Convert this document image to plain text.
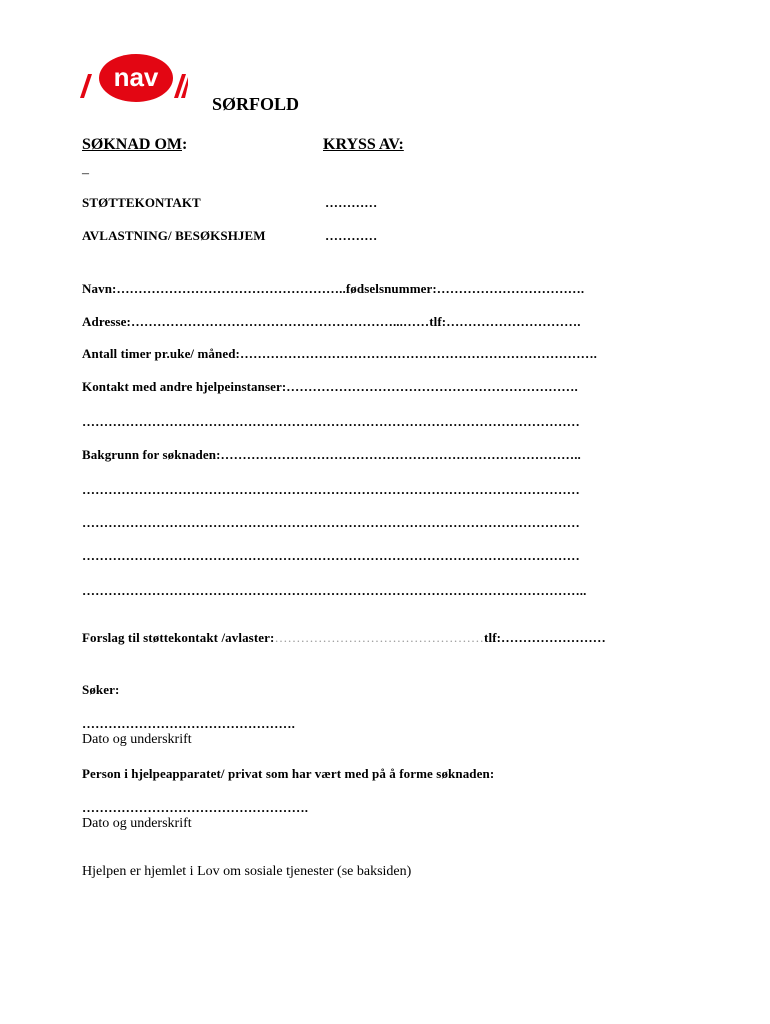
nav
SØRFOLD
SØKNAD OM:	KRYSS AV:
–
STØTTEKONTAKT	…………
AVLASTNING/ BESØKSHJEM	…………
Navn:……………………………………………..fødselsnummer:…………………………….
Adresse:……………………………………………………...……tlf:………………………….
Antall timer pr.uke/ måned:……………………………………………………………………….
Kontakt med andre hjelpeinstanser:………………………………………………………….
……………………………………………………………………………………………………
Bakgrunn for søknaden:………………………………………………………………………..
……………………………………………………………………………………………………
……………………………………………………………………………………………………
……………………………………………………………………………………………………
……………………………………………………………………………………………………..
Forslag til støttekontakt /avlaster:…………………………………………tlf:……………………
Søker:
………………………………………….
Dato og underskrift
Person i hjelpeapparatet/ privat som har vært med på å forme søknaden:
…………………………………………….
Dato og underskrift
Hjelpen er hjemlet i Lov om sosiale tjenester (se baksiden)
